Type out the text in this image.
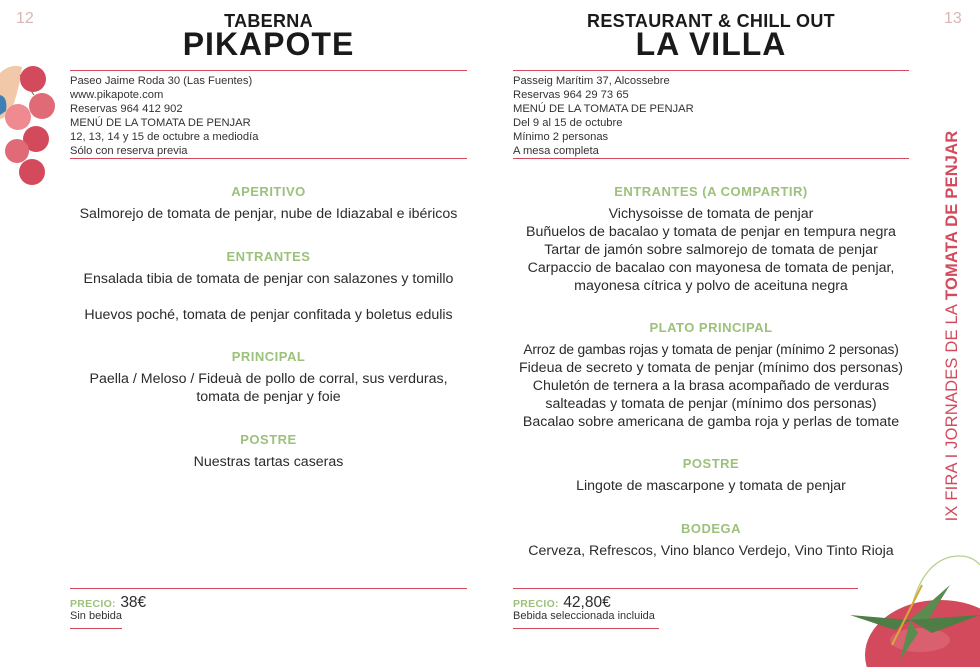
12	13
IX FIRA I JORNADES DE LA TOMATA DE PENJAR
TABERNA
PIKAPOTE
Paseo Jaime Roda 30 (Las Fuentes)
www.pikapote.com
Reservas 964 412 902
MENÚ DE LA TOMATA DE PENJAR
12, 13, 14 y 15 de octubre a mediodía
Sólo con reserva previa
APERITIVO
Salmorejo de tomata de penjar, nube de Idiazabal e ibéricos
ENTRANTES
Ensalada tibia de tomata de penjar con salazones y tomillo
Huevos poché, tomata de penjar confitada y boletus edulis
PRINCIPAL
Paella / Meloso / Fideuà de pollo de corral, sus verduras,
tomata de penjar y foie
POSTRE
Nuestras tartas caseras
PRECIO: 38€
Sin bebida
RESTAURANT & CHILL OUT
LA VILLA
Passeig Marítim 37, Alcossebre
Reservas 964 29 73 65
MENÚ DE LA TOMATA DE PENJAR
Del 9 al 15 de octubre
Mínimo 2 personas
A mesa completa
ENTRANTES (A COMPARTIR)
Vichysoisse de tomata de penjar
Buñuelos de bacalao y tomata de penjar en tempura negra
Tartar de jamón sobre salmorejo de tomata de penjar
Carpaccio de bacalao con mayonesa de tomata de penjar,
mayonesa cítrica y polvo de aceituna negra
PLATO PRINCIPAL
Arroz de gambas rojas y tomata de penjar (mínimo 2 personas)
Fideua de secreto y tomata de penjar (mínimo dos personas)
Chuletón de ternera a la brasa acompañado de verduras
salteadas y tomata de penjar (mínimo dos personas)
Bacalao sobre americana de gamba roja y perlas de tomate
POSTRE
Lingote de mascarpone y tomata de penjar
BODEGA
Cerveza, Refrescos, Vino blanco Verdejo, Vino Tinto Rioja
PRECIO: 42,80€
Bebida seleccionada incluida
